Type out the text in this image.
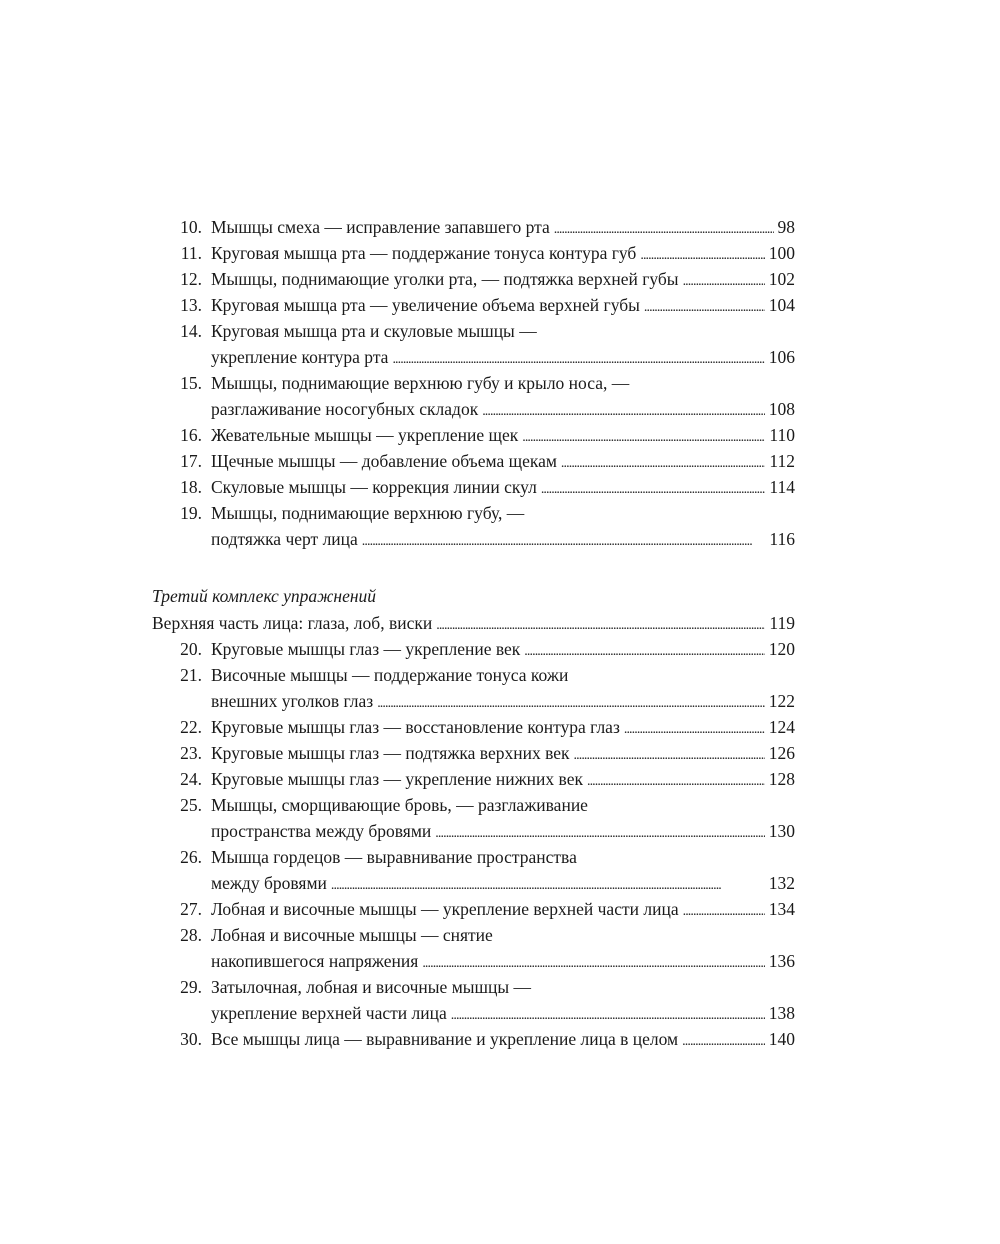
10. Мышцы смеха — исправление запавшего рта . . .	98
11. Круговая мышца рта — поддержание тонуса контура губ . . .	100
12. Мышцы, поднимающие уголки рта, — подтяжка верхней губы . . .	102
13. Круговая мышца рта — увеличение объема верхней губы . . .	104
14. Круговая мышца рта и скуловые мышцы —
укрепление контура рта . . .	106
15. Мышцы, поднимающие верхнюю губу и крыло носа, —
разглаживание носогубных складок . . .	108
16. Жевательные мышцы — укрепление щек . . .	110
17. Щечные мышцы — добавление объема щекам . . .	112
18. Скуловые мышцы — коррекция линии скул . . .	114
19. Мышцы, поднимающие верхнюю губу, —
подтяжка черт лица . . .	116
Третий комплекс упражнений
Верхняя часть лица: глаза, лоб, виски . . .	119
20. Круговые мышцы глаз — укрепление век . . .	120
21. Височные мышцы — поддержание тонуса кожи
внешних уголков глаз . . .	122
22. Круговые мышцы глаз — восстановление контура глаз . . .	124
23. Круговые мышцы глаз — подтяжка верхних век . . .	126
24. Круговые мышцы глаз — укрепление нижних век . . .	128
25. Мышцы, сморщивающие бровь, — разглаживание
пространства между бровями . . .	130
26. Мышца гордецов — выравнивание пространства
между бровями . . .	132
27. Лобная и височные мышцы — укрепление верхней части лица . . .	134
28. Лобная и височные мышцы — снятие
накопившегося напряжения . . .	136
29. Затылочная, лобная и височные мышцы —
укрепление верхней части лица . . .	138
30. Все мышцы лица — выравнивание и укрепление лица в целом . . .	140
